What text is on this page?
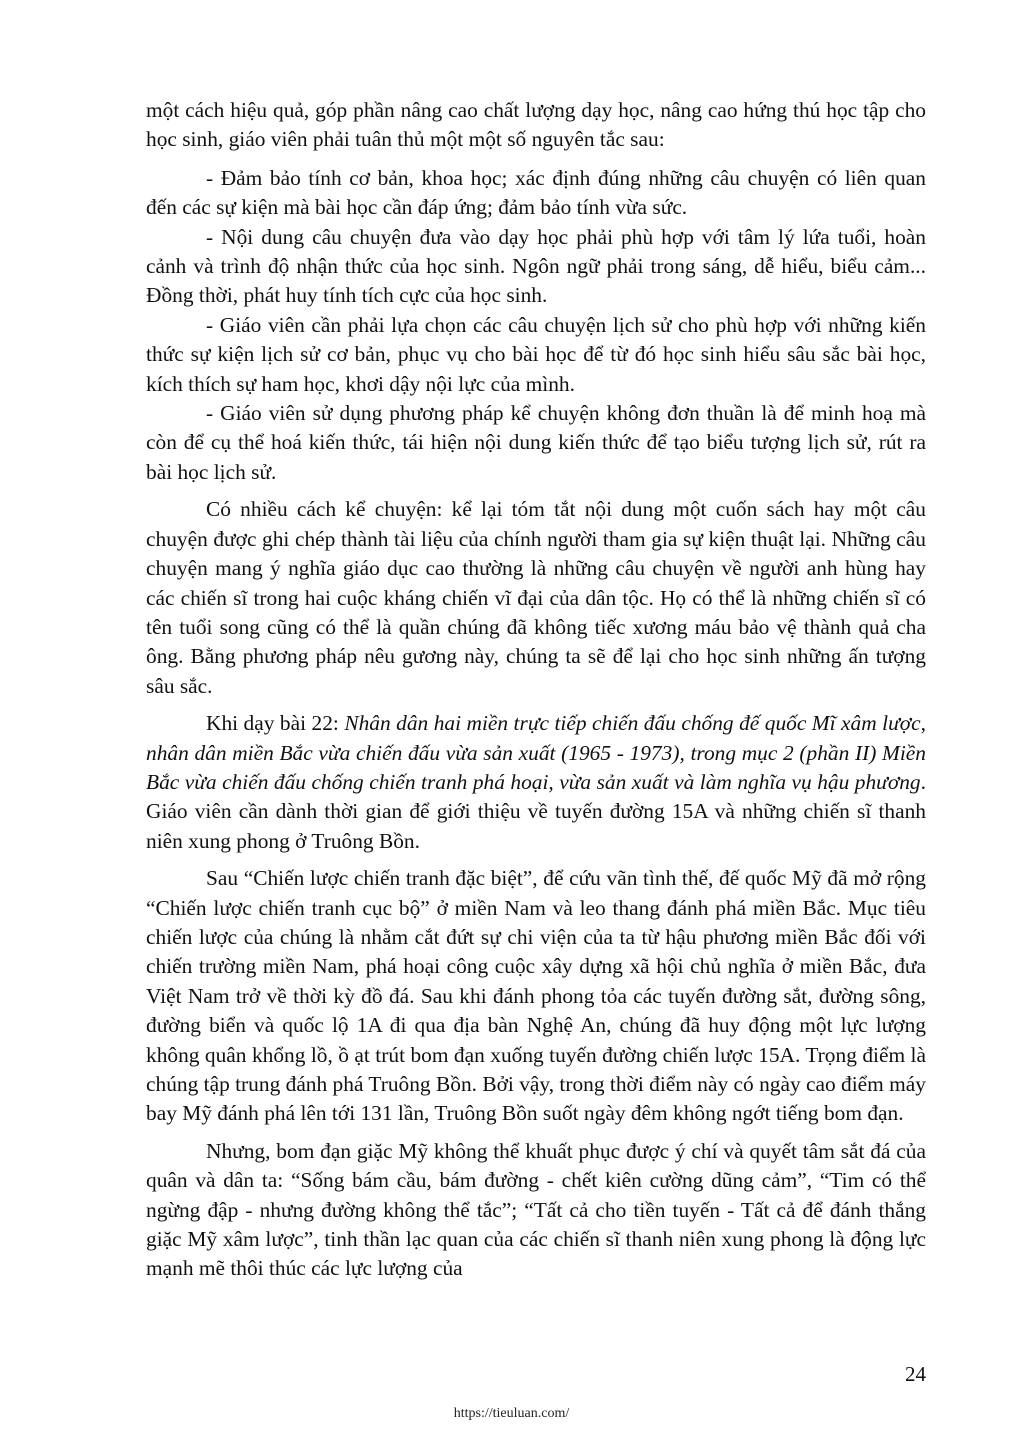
một cách hiệu quả, góp phần nâng cao chất lượng dạy học, nâng cao hứng thú học tập cho học sinh, giáo viên phải tuân thủ một một số nguyên tắc sau:

- Đảm bảo tính cơ bản, khoa học; xác định đúng những câu chuyện có liên quan đến các sự kiện mà bài học cần đáp ứng; đảm bảo tính vừa sức.

- Nội dung câu chuyện đưa vào dạy học phải phù hợp với tâm lý lứa tuổi, hoàn cảnh và trình độ nhận thức của học sinh. Ngôn ngữ phải trong sáng, dễ hiểu, biểu cảm... Đồng thời, phát huy tính tích cực của học sinh.

- Giáo viên cần phải lựa chọn các câu chuyện lịch sử cho phù hợp với những kiến thức sự kiện lịch sử cơ bản, phục vụ cho bài học để từ đó học sinh hiểu sâu sắc bài học, kích thích sự ham học, khơi dậy nội lực của mình.

- Giáo viên sử dụng phương pháp kể chuyện không đơn thuần là để minh hoạ mà còn để cụ thể hoá kiến thức, tái hiện nội dung kiến thức để tạo biểu tượng lịch sử, rút ra bài học lịch sử.

Có nhiều cách kể chuyện: kể lại tóm tắt nội dung một cuốn sách hay một câu chuyện được ghi chép thành tài liệu của chính người tham gia sự kiện thuật lại. Những câu chuyện mang ý nghĩa giáo dục cao thường là những câu chuyện về người anh hùng hay các chiến sĩ trong hai cuộc kháng chiến vĩ đại của dân tộc. Họ có thể là những chiến sĩ có tên tuổi song cũng có thể là quần chúng đã không tiếc xương máu bảo vệ thành quả cha ông. Bằng phương pháp nêu gương này, chúng ta sẽ để lại cho học sinh những ấn tượng sâu sắc.

Khi dạy bài 22: Nhân dân hai miền trực tiếp chiến đấu chống đế quốc Mĩ xâm lược, nhân dân miền Bắc vừa chiến đấu vừa sản xuất (1965 - 1973), trong mục 2 (phần II) Miền Bắc vừa chiến đấu chống chiến tranh phá hoại, vừa sản xuất và làm nghĩa vụ hậu phương. Giáo viên cần dành thời gian để giới thiệu về tuyến đường 15A và những chiến sĩ thanh niên xung phong ở Truông Bồn.

Sau “Chiến lược chiến tranh đặc biệt”, để cứu vãn tình thế, đế quốc Mỹ đã mở rộng “Chiến lược chiến tranh cục bộ” ở miền Nam và leo thang đánh phá miền Bắc. Mục tiêu chiến lược của chúng là nhằm cắt đứt sự chi viện của ta từ hậu phương miền Bắc đối với chiến trường miền Nam, phá hoại công cuộc xây dựng xã hội chủ nghĩa ở miền Bắc, đưa Việt Nam trở về thời kỳ đồ đá. Sau khi đánh phong tỏa các tuyến đường sắt, đường sông, đường biển và quốc lộ 1A đi qua địa bàn Nghệ An, chúng đã huy động một lực lượng không quân khổng lồ, ồ ạt trút bom đạn xuống tuyến đường chiến lược 15A. Trọng điểm là chúng tập trung đánh phá Truông Bồn. Bởi vậy, trong thời điểm này có ngày cao điểm máy bay Mỹ đánh phá lên tới 131 lần, Truông Bồn suốt ngày đêm không ngớt tiếng bom đạn.

Nhưng, bom đạn giặc Mỹ không thể khuất phục được ý chí và quyết tâm sắt đá của quân và dân ta: “Sống bám cầu, bám đường - chết kiên cường dũng cảm”, “Tim có thể ngừng đập - nhưng đường không thể tắc”; “Tất cả cho tiền tuyến - Tất cả để đánh thắng giặc Mỹ xâm lược”, tinh thần lạc quan của các chiến sĩ thanh niên xung phong là động lực mạnh mẽ thôi thúc các lực lượng của

24
https://tieuluan.com/
